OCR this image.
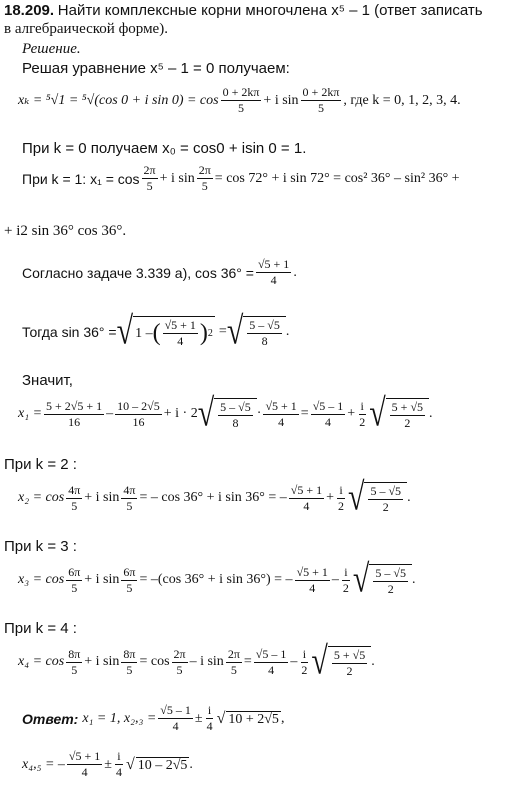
18.209. Найти комплексные корни многочлена x⁵ – 1 (ответ записать
в алгебраической форме).
Решение.
Решая уравнение x⁵ – 1 = 0 получаем:
xₖ = ⁵√1 = ⁵√(cos 0 + i $\sin 0) = \cos \frac{0 + 2k\pi}{5} + i$ $\sin \frac{0 + 2k\pi}{5}$ , где k = 0, 1, 2, 3, 4.
При k = 0 получаем x₀ = cos0 + isin 0 = 1.
При k = 1: $x_1 = \cos \frac{2\pi}{5} + i$ $\sin \frac{2\pi}{5} = \cos 72^\circ + i$ sin 72° = cos² 36° – sin² 36° +
+ i2 sin 36° cos 36°.
Согласно задаче 3.339 а), $\cos 36^\circ = \frac{√5 + 1}{4}$ .
Тогда sin 36° = √ 1 – ( $\frac{√5 + 1}{4}$ ) 2 = √ $\frac{5 - √5}{8}$ .
Значит,
$x_1 = \frac{5 + 2√5 + 1}{16} - \frac{10 - 2√5}{16} + i \cdot 2$ √ $\frac{5 - √5}{8} \cdot \frac{√5 + 1}{4} = \frac{√5 - 1}{4} + \frac{i}{2}$ √ $\frac{5 + √5}{2}$ .
При k = 2 :
$x_2 = \cos \frac{4\pi}{5} + i$ $\sin \frac{4\pi}{5}$ = – cos 36° + i sin 36° = – $\frac{√5 + 1}{4} + \frac{i}{2}$ √ $\frac{5 - √5}{2}$ .
При k = 3 :
$x_3 = \cos \frac{6\pi}{5} + i$ $\sin \frac{6\pi}{5} = -(\cos$ 36° + i sin 36°) = – $\frac{√5 + 1}{4} - \frac{i}{2}$ √ $\frac{5 - √5}{2}$ .
При k = 4 :
$x_4 = \cos \frac{8\pi}{5} + i$ $\sin \frac{8\pi}{5} = \cos \frac{2\pi}{5} - i$ $\sin \frac{2\pi}{5} = \frac{√5 - 1}{4} - \frac{i}{2}$ √ $\frac{5 + √5}{2}$ .
Ответ: x₁ = 1, $x_2,_3 = \frac{√5 - 1}{4} \pm \frac{i}{4}$ √ 10 + 2√5 ,
x₄,₅ = – $\frac{√5 + 1}{4} \pm \frac{i}{4}$ √ 10 – 2√5 .
